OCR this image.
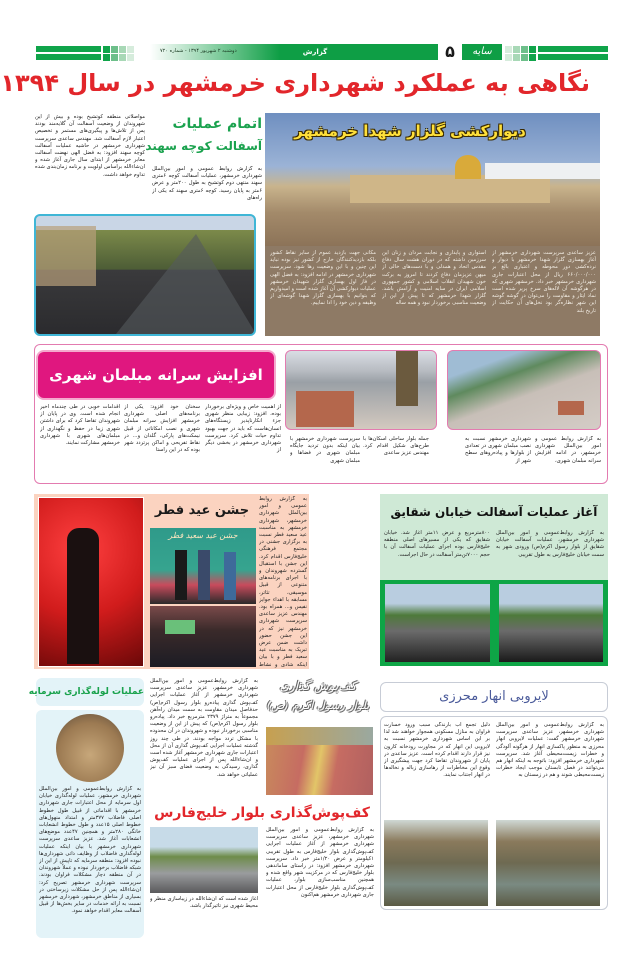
دوشنبه ۲ شهریور ۱۳۹۴ - شماره ۷۲۰	گزارش	۵	سایه
نگاهی به عملکرد شهرداری خرمشهر در سال ۱۳۹۴
اتمام عملیات
آسفالت کوچه سهند
به گزارش روابط عمومی و امور بین‌الملل شهرداری خرمشهر، عملیات آسفالت کوچه ۶متری سهند منتهی دوم کوتشیخ به طول ۲۰۰متر و عرض ۶متر به پایان رسید. کوچه ۶متری سهند که یکی از راه‌های
مواصلاتی منطقه کوتشیخ بوده و بیش از این شهروندان از وضعیت آسفالت آن گلایه‌مند بودند پس از تلاش‌ها و پیگیری‌های مستمر و تخصیص اعتبار لازم آسفالت شد. مهندس ساعدی سرپرست شهرداری خرمشهر در حاشیه عملیات آسفالت کوچه سهند افزود: به فضل الهی نهضت آسفالت معابر خرمشهر از ابتدای سال جاری آغاز شده و ان‌شاء‌الله براساس اولویت و برنامه زمان‌بندی شده تداوم خواهد داشت.
دیوارکشی گلزار شهدا خرمشهر
عزیز ساعدی سرپرست شهرداری خرمشهر از آغاز بهسازی گلزار شهدا خرمشهر با دیوار و نرده‌کشی دور محوطه و اعتباری بالغ بر ۶۶۰/۰۰۰/۰۰۰ ریال از محل اعتبارات جاری شهرداری خرمشهر خبر داد. خرمشهر شهری که در هرگوشه آن لاله‌های سرخ پرپر شده است نماد ایثار و مقاومت را می‌توان در گوشه گوشه این شهر نظاره‌گر بود نخل‌های آن حکایت از تاریخ بلند
استواری و پایداری و نجابت مردان و زنان این سرزمین داشته که در دوران هشت سال دفاع مقدس اتحاد و همدلی و با دست‌های خالی از میهن عزیزمان دفاع کردند تا امروز به برکت خون شهیدان انقلاب اسلامی و کشور جمهوری اسلامی ایران در سایه امنیت و آرامش باشد. گلزار شهدا خرمشهر که تا پیش از این از وضعیت مناسبی برخوردار نبود و همه ساله
مکانی جهت بازدید عموم از سایر نقاط کشور بلکه بازدیدکنندگان خارج از کشور نیز بوده نباید این چنین و با این وضعیت رها شود. سرپرست شهرداری خرمشهر در ادامه افزود: به فضل الهی در فاز اول بهسازی گلزار شهیدان خرمشهر عملیات دیوارکشی آن آغاز شده است و امیدواریم که بتوانیم با بهسازی گلزار شهدا گوشه‌ای از وظیفه و دین خود را ادا نماییم.
افزایش سرانه مبلمان شهری
به گزارش روابط عمومی و امور بین‌الملل شهرداری خرمشهر، در ادامه افزایش سرانه مبلمان شهری،
شهرداری خرمشهر نسبت به نصب مبلمان شهری در تعدادی از بلوارها و پیاده‌روهای سطح شهر از
جمله بلوار ساحلی اسکان‌ها با طرح‌های شکیل اقدام کرد. مهندس عزیز ساعدی
سرپرست شهرداری خرمشهر با بیان اینکه بدون تردید جایگاه مبلمان شهری در فضاها و مبلمان شهری
از اهمیت خاص و ویژه‌ای برخوردار بوده، افزود: زیبایی منظر شهری جزء انکارناپذیر زیستگاه‌های انسان‌هاست که باید در جهت بهبود تداوم حیات تلاش کرد. سرپرست شهرداری خرمشهر در بخشی دیگر از
سخنان خود افزود: یکی از برنامه‌های اصلی شهرداری خرمشهر افزایش سرانه مبلمان شهری و نصب امکاناتی از قبیل نیمکت‌های پارکی، گلدان و... در نقاط تفریحی و اماکن پرتردد شهر بوده که در این راستا
اقدامات خوبی در طی چندماه اخیر انجام شده است. وی در پایان از شهروندان تقاضا کرد که برای داشتن شهری زیبا در حفظ و نگهداری از مبلمان‌های شهری با شهرداری خرمشهر مشارکت نمایند.
جشن عید فطر
جشن عید سعید فطر
به گزارش روابط عمومی و امور بین‌الملل شهرداری خرمشهر، شهرداری خرمشهر به مناسبت عید سعید فطر نسبت به برگزاری جشنی در مجتمع فرهنگی خلیج‌فارس اقدام کرد. این جشن با استقبال گسترده شهروندان و با اجرای برنامه‌های متنوعی از قبیل موسیقی، تئاتر، مسابقه با اهداء جوایز نفیس و... همراه بود. مهندس عزیز ساعدی سرپرست شهرداری خرمشهر نیز که در این جشن حضور داشت ضمن عرض تبریک به مناسبت عید سعید فطر و با بیان اینکه شادی و نشاط
آغاز عملیات آسفالت خیابان شقایق
به گزارش روابط‌عمومی و امور بین‌الملل شهرداری خرمشهر، عملیات آسفالت خیابان شقایق از بلوار رسول اکرم(ص) ورودی شهر به سمت خیابان خلیج‌فارس به طول تقریبی
۸۰۰مترمربع و عرض ۱۱متر آغاز شد. خیابان شقایق که یکی از مسیرهای اصلی منطقه خلیج‌فارس بوده اجرای عملیات آسفالت آن با حجم ۷۰۰۰تن‌متر آسفالت در حال اجراست.
عملیات لوله‌گذاری سرمایه
به گزارش روابط‌عمومی و امور بین‌الملل شهرداری خرمشهر، عملیات لوله‌گذاری خیابان اول سرمایه از محل اعتبارات جاری شهرداری خرمشهر با اقداماتی از قبیل طول خطوط اصلی فاضلاب ۳۷۷متر و امتداد منهول‌های خطوط اصلی ۱۵عدد و طول خطوط انشعابات خانگی ۲۸۰متر و همچنین ۴۷عدد موضع‌های انشعابات آغاز شد. عزیز ساعدی سرپرست شهرداری خرمشهر با بیان اینکه عملیات لوله‌گذاری فاضلاب از وظایف ذاتی شهرداری‌ها نبوده افزود: منطقه سرمایه که تاپیش از این از شبکه فاضلاب برخوردار نبوده و عملاً شهروندان در آن منطقه دچار مشکلات فراوان بودند. سرپرست شهرداری خرمشهر تصریح کرد: ان‌شاءالله پس از حل مشکلات زیرساختی در بسیاری از مناطق خرمشهر، شهرداری خرمشهر نسبت به ارائه خدمات در سایر بخش‌ها از قبیل آسفالت معابر اقدام خواهد نمود.
به گزارش روابط‌عمومی و امور بین‌الملل شهرداری خرمشهر، عزیز ساعدی سرپرست شهرداری خرمشهر از آغاز عملیات اجرایی کف‌پوش گذاری پیاده‌رو بلوار رسول اکرم(ص) حدفاصل میدان مقاومت به سمت میدان راه‌آهن مجموعاً به متراژ ۲۳۷۹ مترمربع خبر داد. پیاده‌رو بلوار رسول اکرم(ص) که پیش از این از وضعیت مناسبی برخوردار نبوده و شهروندان در آن محدوده با مشکل تردد مواجه بودند. در طی چند روز گذشته عملیات اجرایی کف‌پوش گذاری آن از محل اعتبارات جاری شهرداری خرمشهر آغاز شده است و ان‌شاءالله پس از اجرای عملیات کف‌پوش گذاری، رسیدگی به وضعیت فضای سبز آن نیز عملیاتی خواهد شد.
کف‌پوش گذاری
بلوار رسول اکرم (ص)
کف‌پوش‌گذاری بلوار خلیج‌فارس
به گزارش روابط‌عمومی و امور بین‌الملل شهرداری خرمشهر، عزیز ساعدی سرپرست شهرداری خرمشهر از آغاز عملیات اجرایی کف‌پوش‌گذاری بلوار خلیج‌فارس به طول تقریبی ۱کیلومتر و عرض ۱/۲۰متر خبر داد. سرپرست شهرداری خرمشهر افزود: در راستای ساماندهی بلوار خلیج‌فارس که در مرکزیت شهر واقع شده و همچنین مناسب‌سازی بلوار، عملیات کف‌پوش‌گذاری بلوار خلیج‌فارس از محل اعتبارات جاری شهرداری خرمشهر هم‌اکنون
آغاز شده است که ان‌شاءالله در زیباسازی منظر و محیط شهری نیز تاثیرگذار باشد.
لایروبی انهار محرزی
به گزارش روابط‌عمومی و امور بین‌الملل شهرداری خرمشهر، عزیز ساعدی سرپرست شهرداری خرمشهر گفت: عملیات لایروبی انهار محرزی به منظور پاکسازی انهار از هرگونه آلودگی و خطرات زیست‌محیطی آغاز شد. سرپرست شهرداری خرمشهر افزود: باتوجه به اینکه انهار هم می‌توانند در فصل تابستان موجب ایجاد خطرات زیست‌محیطی شوند و هم در زمستان به
دلیل تجمع آب بارندگی سبب ورود خسارت فراوان به منازل مسکونی همجوار خواهند شد لذا بر این اساس شهرداری خرمشهر نسبت به لایروبی این انهار که در مجاورت رودخانه کارون نیز قرار دارند اقدام کرده است. عزیز ساعدی در پایان از شهروندان تقاضا کرد جهت پیشگیری از وقوع این مخاطرات از رهاسازی زباله و نخاله‌ها در انهار اجتناب نمایند.
